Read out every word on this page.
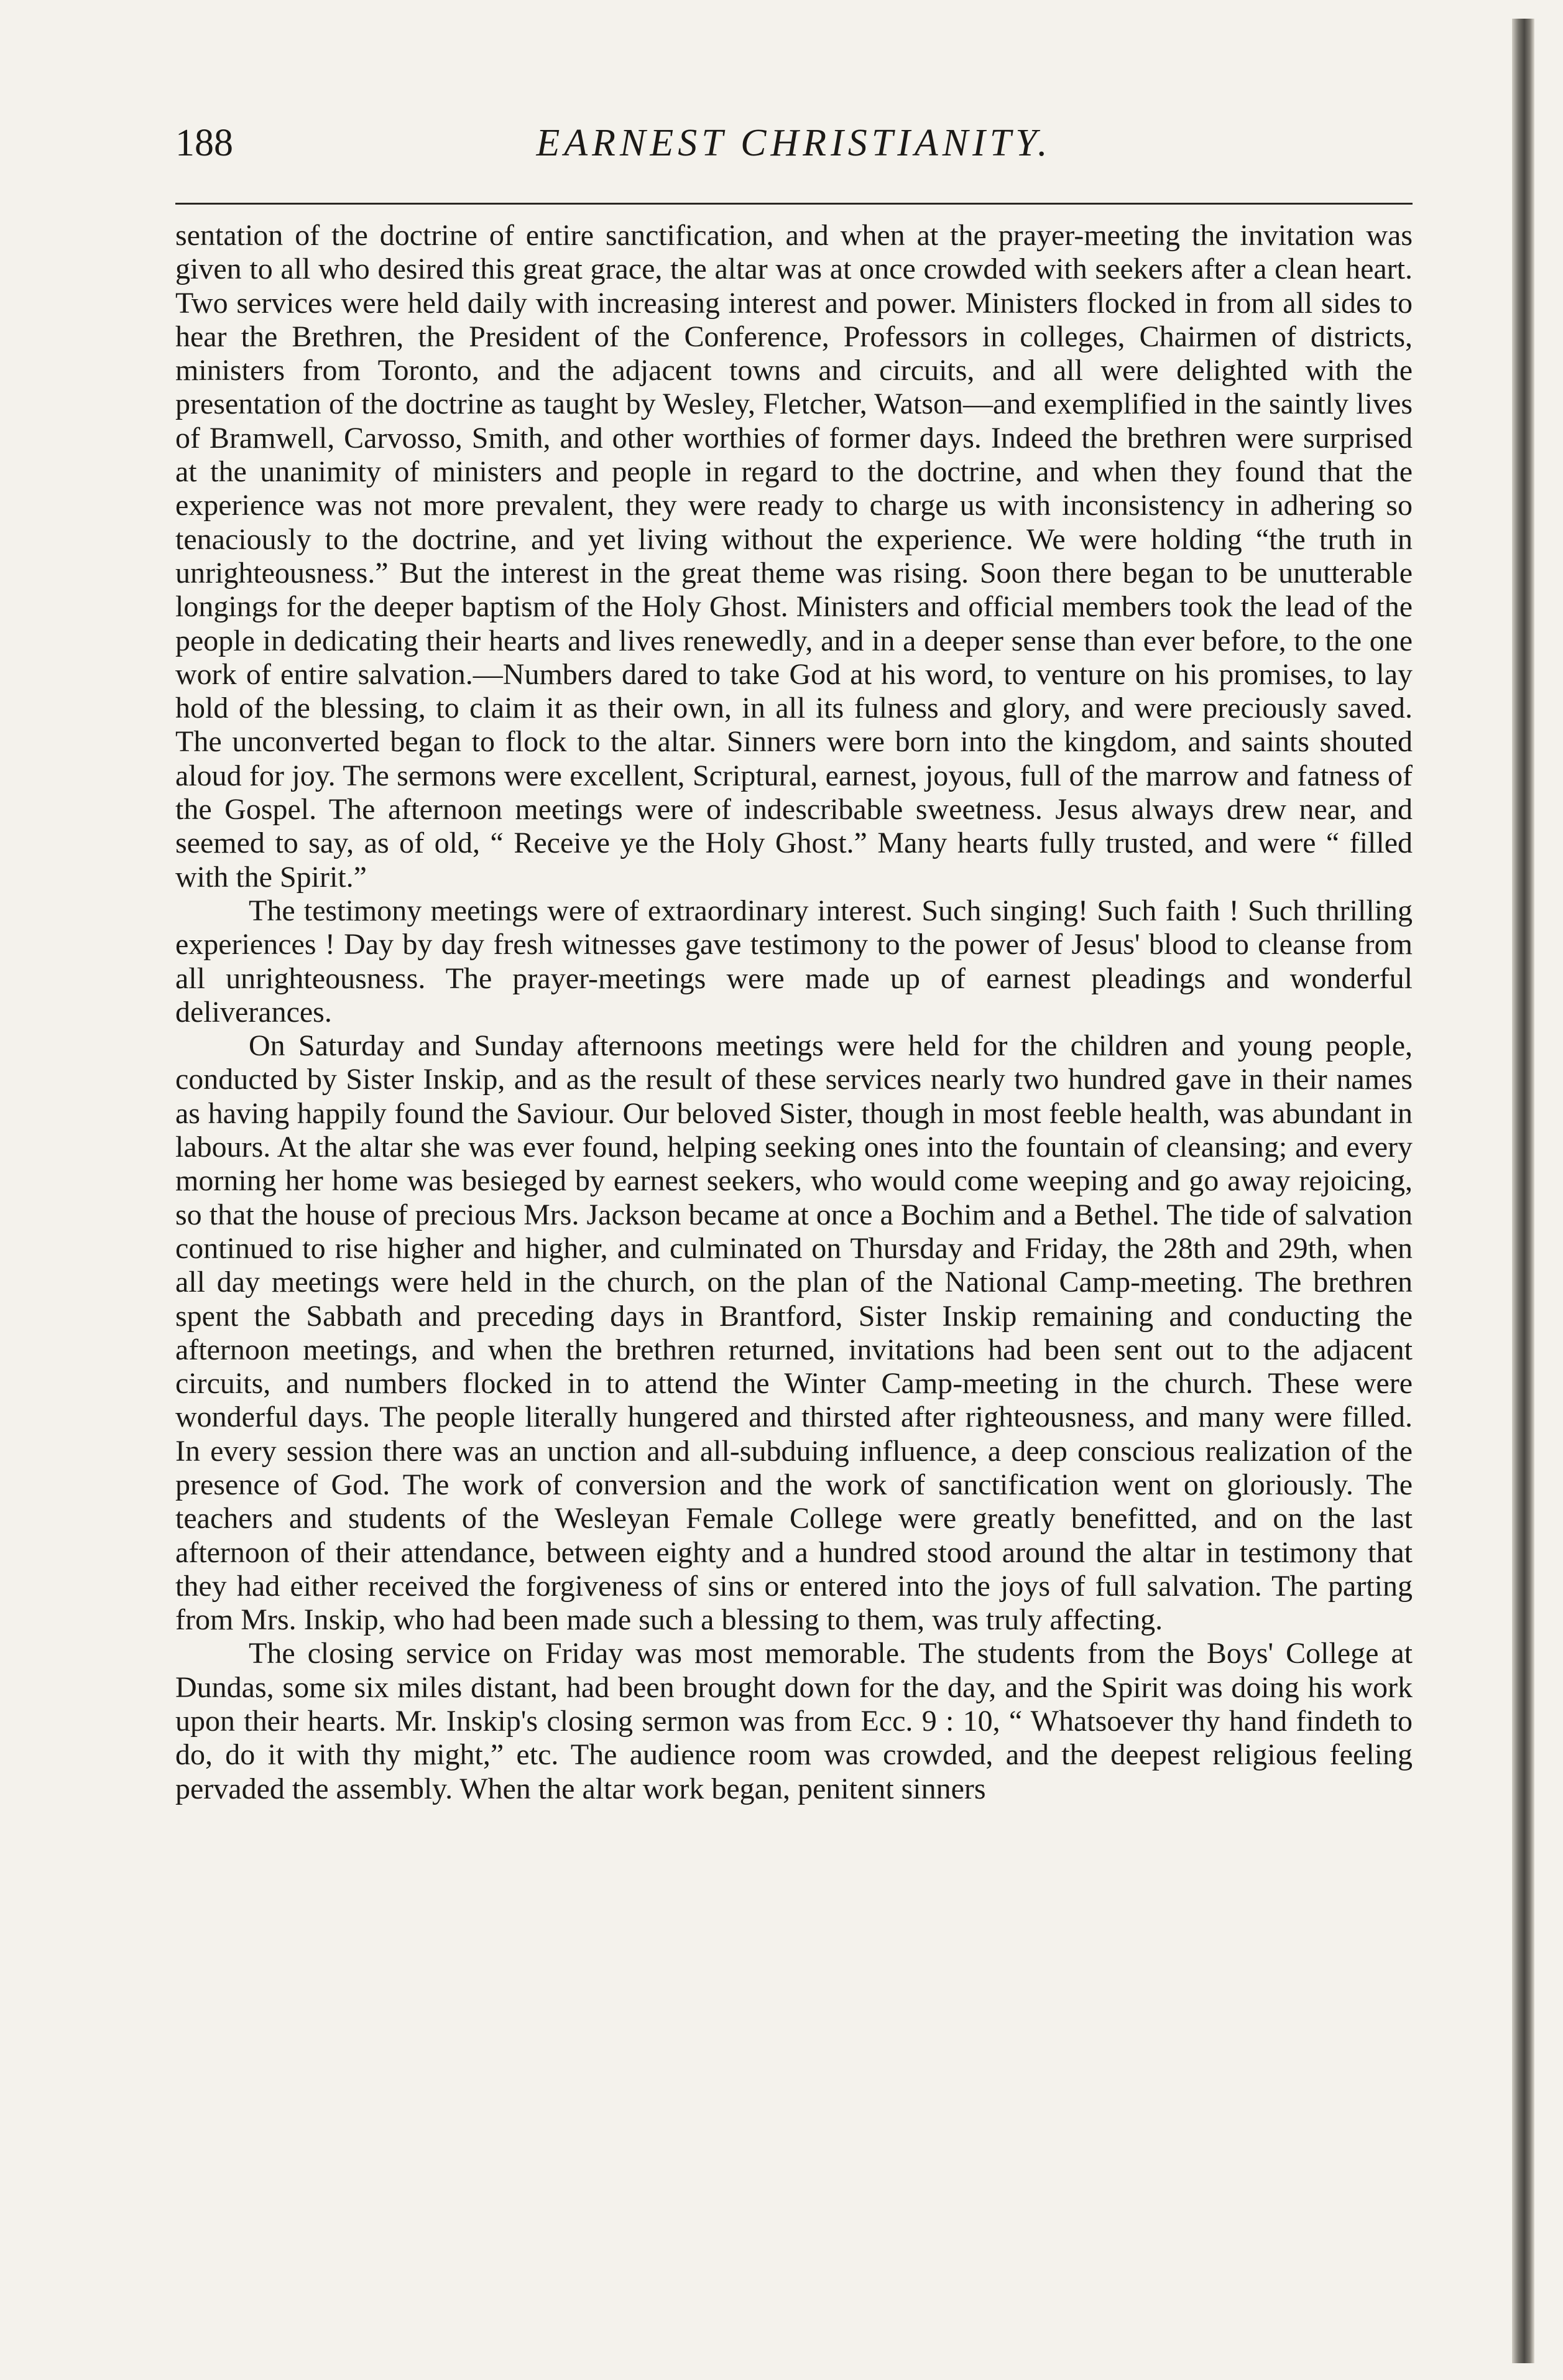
188	EARNEST CHRISTIANITY.

sentation of the doctrine of entire sanctification, and when at the prayer-meeting the invitation was given to all who desired this great grace, the altar was at once crowded with seekers after a clean heart. Two services were held daily with increasing interest and power. Ministers flocked in from all sides to hear the Brethren, the President of the Conference, Professors in colleges, Chairmen of districts, ministers from Toronto, and the adjacent towns and circuits, and all were delighted with the presentation of the doctrine as taught by Wesley, Fletcher, Watson—and exemplified in the saintly lives of Bramwell, Carvosso, Smith, and other worthies of former days. Indeed the brethren were surprised at the unanimity of ministers and people in regard to the doctrine, and when they found that the experience was not more prevalent, they were ready to charge us with inconsistency in adhering so tenaciously to the doctrine, and yet living without the experience. We were holding “the truth in unrighteousness.” But the interest in the great theme was rising. Soon there began to be unutterable longings for the deeper baptism of the Holy Ghost. Ministers and official members took the lead of the people in dedicating their hearts and lives renewedly, and in a deeper sense than ever before, to the one work of entire salvation.—Numbers dared to take God at his word, to venture on his promises, to lay hold of the blessing, to claim it as their own, in all its fulness and glory, and were preciously saved. The unconverted began to flock to the altar. Sinners were born into the kingdom, and saints shouted aloud for joy. The sermons were excellent, Scriptural, earnest, joyous, full of the marrow and fatness of the Gospel. The afternoon meetings were of indescribable sweetness. Jesus always drew near, and seemed to say, as of old, “ Receive ye the Holy Ghost.” Many hearts fully trusted, and were “ filled with the Spirit.”

The testimony meetings were of extraordinary interest. Such singing! Such faith ! Such thrilling experiences ! Day by day fresh witnesses gave testimony to the power of Jesus' blood to cleanse from all unrighteousness. The prayer-meetings were made up of earnest pleadings and wonderful deliverances.

On Saturday and Sunday afternoons meetings were held for the children and young people, conducted by Sister Inskip, and as the result of these services nearly two hundred gave in their names as having happily found the Saviour. Our beloved Sister, though in most feeble health, was abundant in labours. At the altar she was ever found, helping seeking ones into the fountain of cleansing; and every morning her home was besieged by earnest seekers, who would come weeping and go away rejoicing, so that the house of precious Mrs. Jackson became at once a Bochim and a Bethel. The tide of salvation continued to rise higher and higher, and culminated on Thursday and Friday, the 28th and 29th, when all day meetings were held in the church, on the plan of the National Camp-meeting. The brethren spent the Sabbath and preceding days in Brantford, Sister Inskip remaining and conducting the afternoon meetings, and when the brethren returned, invitations had been sent out to the adjacent circuits, and numbers flocked in to attend the Winter Camp-meeting in the church. These were wonderful days. The people literally hungered and thirsted after righteousness, and many were filled. In every session there was an unction and all-subduing influence, a deep conscious realization of the presence of God. The work of conversion and the work of sanctification went on gloriously. The teachers and students of the Wesleyan Female College were greatly benefitted, and on the last afternoon of their attendance, between eighty and a hundred stood around the altar in testimony that they had either received the forgiveness of sins or entered into the joys of full salvation. The parting from Mrs. Inskip, who had been made such a blessing to them, was truly affecting.

The closing service on Friday was most memorable. The students from the Boys' College at Dundas, some six miles distant, had been brought down for the day, and the Spirit was doing his work upon their hearts. Mr. Inskip's closing sermon was from Ecc. 9 : 10, “ Whatsoever thy hand findeth to do, do it with thy might,” etc. The audience room was crowded, and the deepest religious feeling pervaded the assembly. When the altar work began, penitent sinners
